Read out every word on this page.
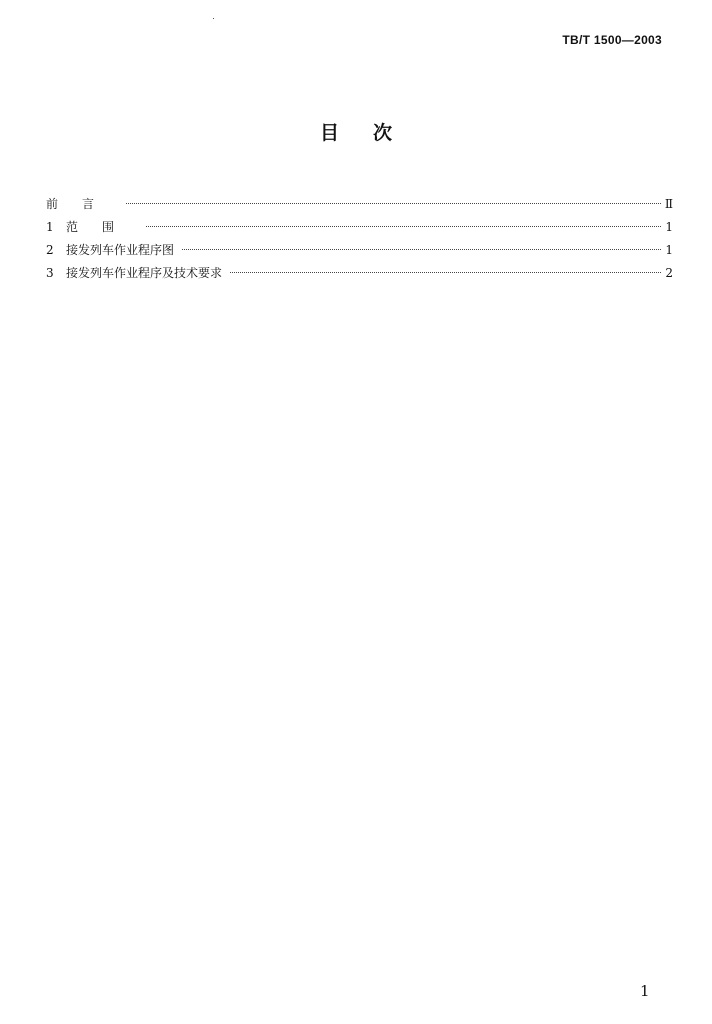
TB/T 1500—2003
目次
前言	Ⅱ
1	范围	1
2	接发列车作业程序图	1
3	接发列车作业程序及技术要求	2
1
